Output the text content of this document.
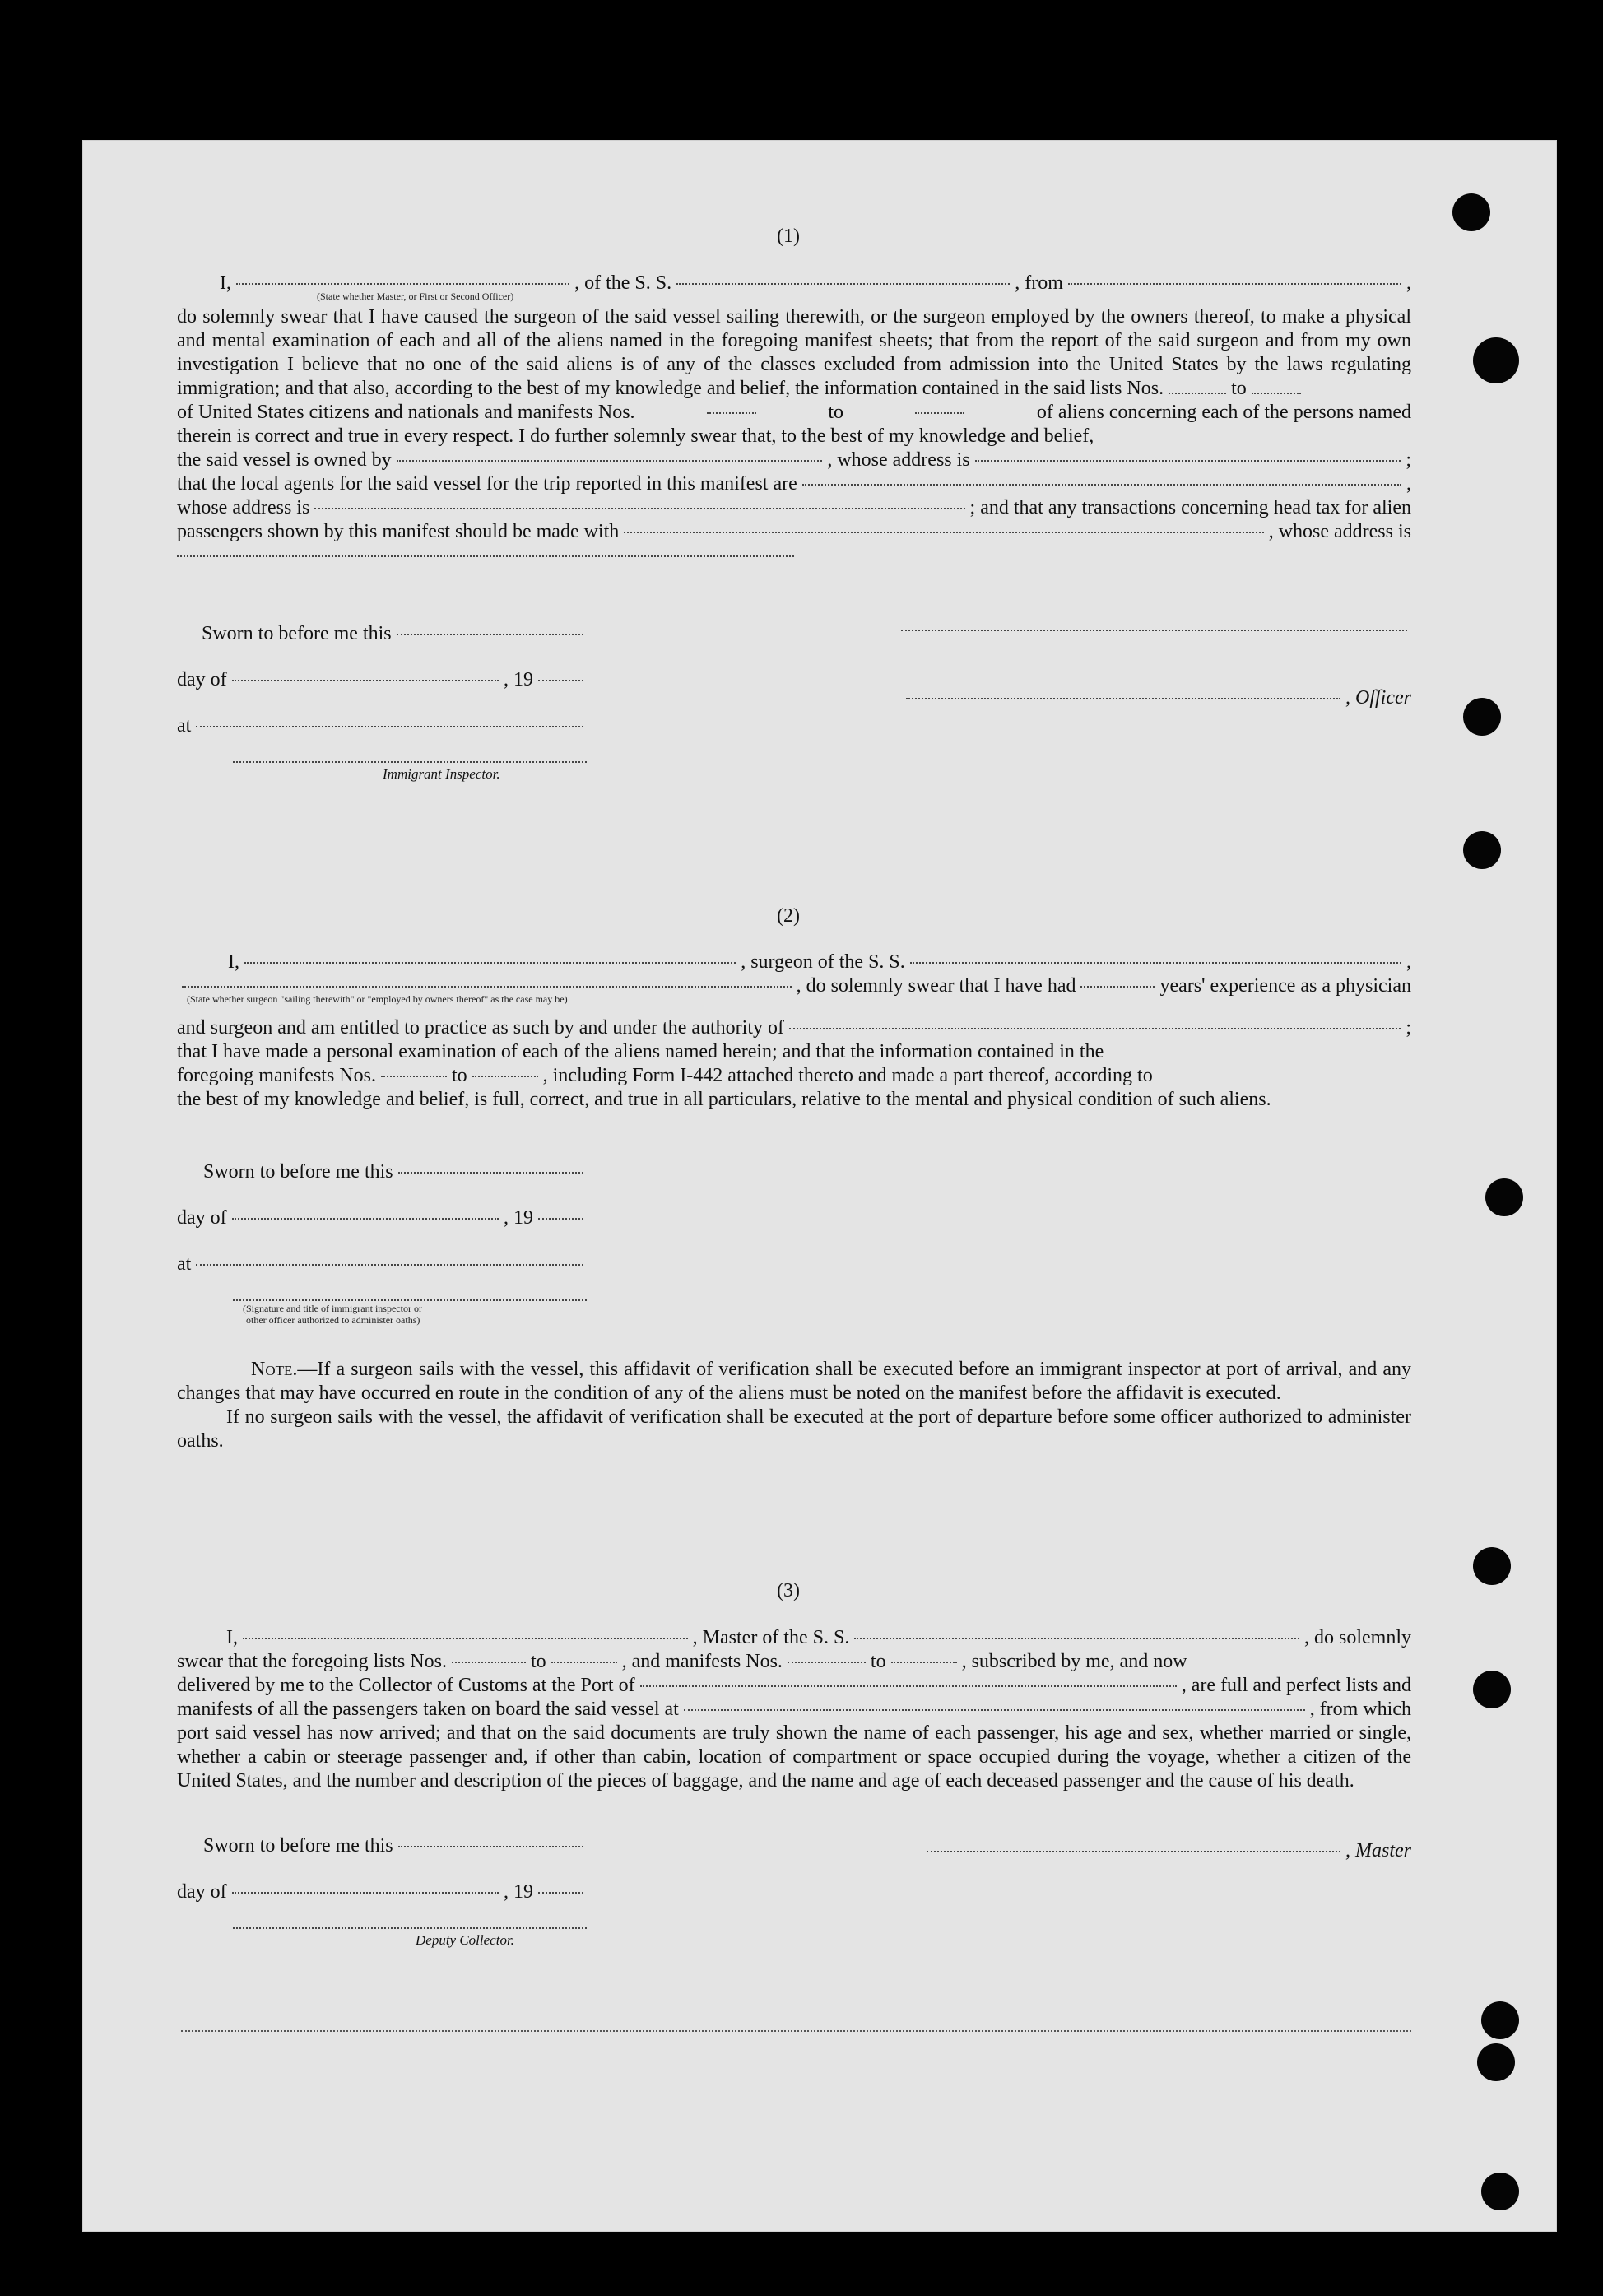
(1)
I,	, of the S. S.	, from	,
(State whether Master, or First or Second Officer)
do solemnly swear that I have caused the surgeon of the said vessel sailing therewith, or the surgeon employed by the owners thereof, to make a physical and mental examination of each and all of the aliens named in the foregoing manifest sheets; that from the report of the said surgeon and from my own investigation I believe that no one of the said aliens is of any of the classes excluded from admission into the United States by the laws regulating immigration; and that also, according to the best of my knowledge and belief, the information contained in the said lists Nos.	to
of United States citizens and nationals and manifests Nos.	to	of aliens concerning each of the persons named
therein is correct and true in every respect. I do further solemnly swear that, to the best of my knowledge and belief,
the said vessel is owned by	, whose address is	;
that the local agents for the said vessel for the trip reported in this manifest are	,
whose address is	; and that any transactions concerning head tax for alien
passengers shown by this manifest should be made with	, whose address is
Sworn to before me this
day of	, 19
at
Immigrant Inspector.
, Officer
(2)
I,	, surgeon of the S. S.	,
, do solemnly swear that I have had	years' experience as a physician
(State whether surgeon "sailing therewith" or "employed by owners thereof" as the case may be)
and surgeon and am entitled to practice as such by and under the authority of	;
that I have made a personal examination of each of the aliens named herein; and that the information contained in the
foregoing manifests Nos.	to	, including Form I-442 attached thereto and made a part thereof, according to
the best of my knowledge and belief, is full, correct, and true in all particulars, relative to the mental and physical condition of such aliens.
Sworn to before me this
day of	, 19
at
(Signature and title of immigrant inspector or
other officer authorized to administer oaths)
Note.—If a surgeon sails with the vessel, this affidavit of verification shall be executed before an immigrant inspector at port of arrival, and any changes that may have occurred en route in the condition of any of the aliens must be noted on the manifest before the affidavit is executed.
If no surgeon sails with the vessel, the affidavit of verification shall be executed at the port of departure before some officer authorized to administer oaths.
(3)
I,	, Master of the S. S.	, do solemnly
swear that the foregoing lists Nos.	to	, and manifests Nos.	to	, subscribed by me, and now
delivered by me to the Collector of Customs at the Port of	, are full and perfect lists and
manifests of all the passengers taken on board the said vessel at	, from which
port said vessel has now arrived; and that on the said documents are truly shown the name of each passenger, his age and sex, whether married or single, whether a cabin or steerage passenger and, if other than cabin, location of compartment or space occupied during the voyage, whether a citizen of the United States, and the number and description of the pieces of baggage, and the name and age of each deceased passenger and the cause of his death.
Sworn to before me this
day of	, 19
Deputy Collector.
, Master
